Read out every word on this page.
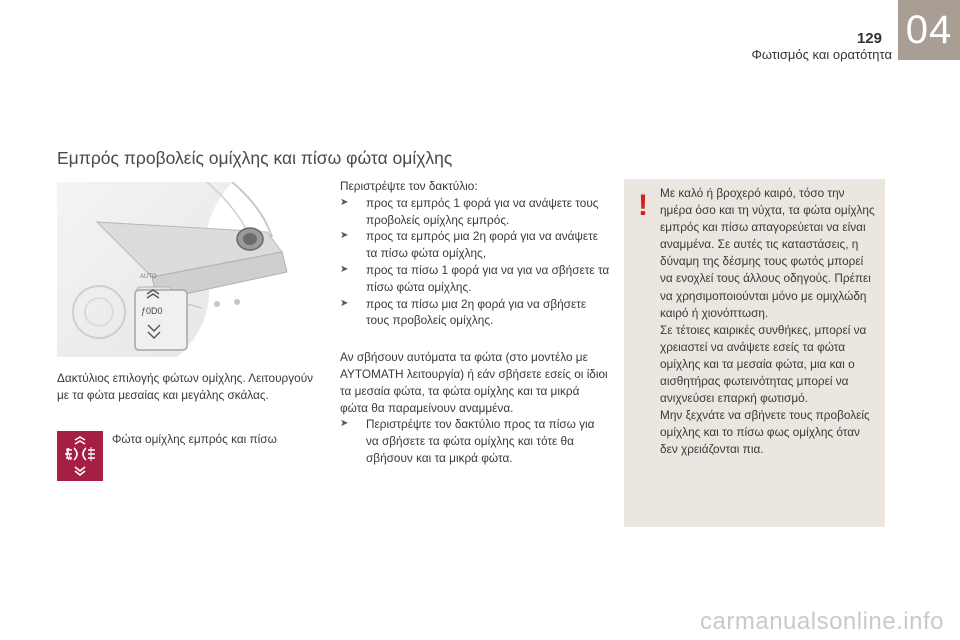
129
Φωτισμός και ορατότητα
04
Εμπρός προβολείς ομίχλης και πίσω φώτα ομίχλης
AUTO
ƒ0D0
Δακτύλιος επιλογής φώτων ομίχλης. Λειτουργούν με τα φώτα μεσαίας και μεγάλης σκάλας.
Φώτα ομίχλης εμπρός και πίσω

Περιστρέψτε τον δακτύλιο:

➤ προς τα εμπρός 1 φορά για να ανάψετε τους προβολείς ομίχλης εμπρός.
➤ προς τα εμπρός μια 2η φορά για να ανάψετε τα πίσω φώτα ομίχλης,
➤ προς τα πίσω 1 φορά για να για να σβήσετε τα πίσω φώτα ομίχλης.
➤ προς τα πίσω μια 2η φορά για να σβήσετε τους προβολείς ομίχλης.

Αν σβήσουν αυτόματα τα φώτα (στο μοντέλο με ΑΥΤΟΜΑΤΗ λειτουργία) ή εάν σβήσετε εσείς οι ίδιοι τα μεσαία φώτα, τα φώτα ομίχλης και τα μικρά φώτα θα παραμείνουν αναμμένα.

➤ Περιστρέψτε τον δακτύλιο προς τα πίσω για να σβήσετε τα φώτα ομίχλης και τότε θα σβήσουν και τα μικρά φώτα.
!	Με καλό ή βροχερό καιρό, τόσο την ημέρα όσο και τη νύχτα, τα φώτα ομίχλης εμπρός και πίσω απαγορεύεται να είναι αναμμένα. Σε αυτές τις καταστάσεις, η δύναμη της δέσμης τους φωτός μπορεί να ενοχλεί τους άλλους οδηγούς. Πρέπει να χρησιμοποιούνται μόνο με ομιχλώδη καιρό ή χιονόπτωση.

Σε τέτοιες καιρικές συνθήκες, μπορεί να χρειαστεί να ανάψετε εσείς τα φώτα ομίχλης και τα μεσαία φώτα, μια και ο αισθητήρας φωτεινότητας μπορεί να ανιχνεύσει επαρκή φωτισμό.

Μην ξεχνάτε να σβήνετε τους προβολείς ομίχλης και το πίσω φως ομίχλης όταν δεν χρειάζονται πια.

carmanualsonline.info
